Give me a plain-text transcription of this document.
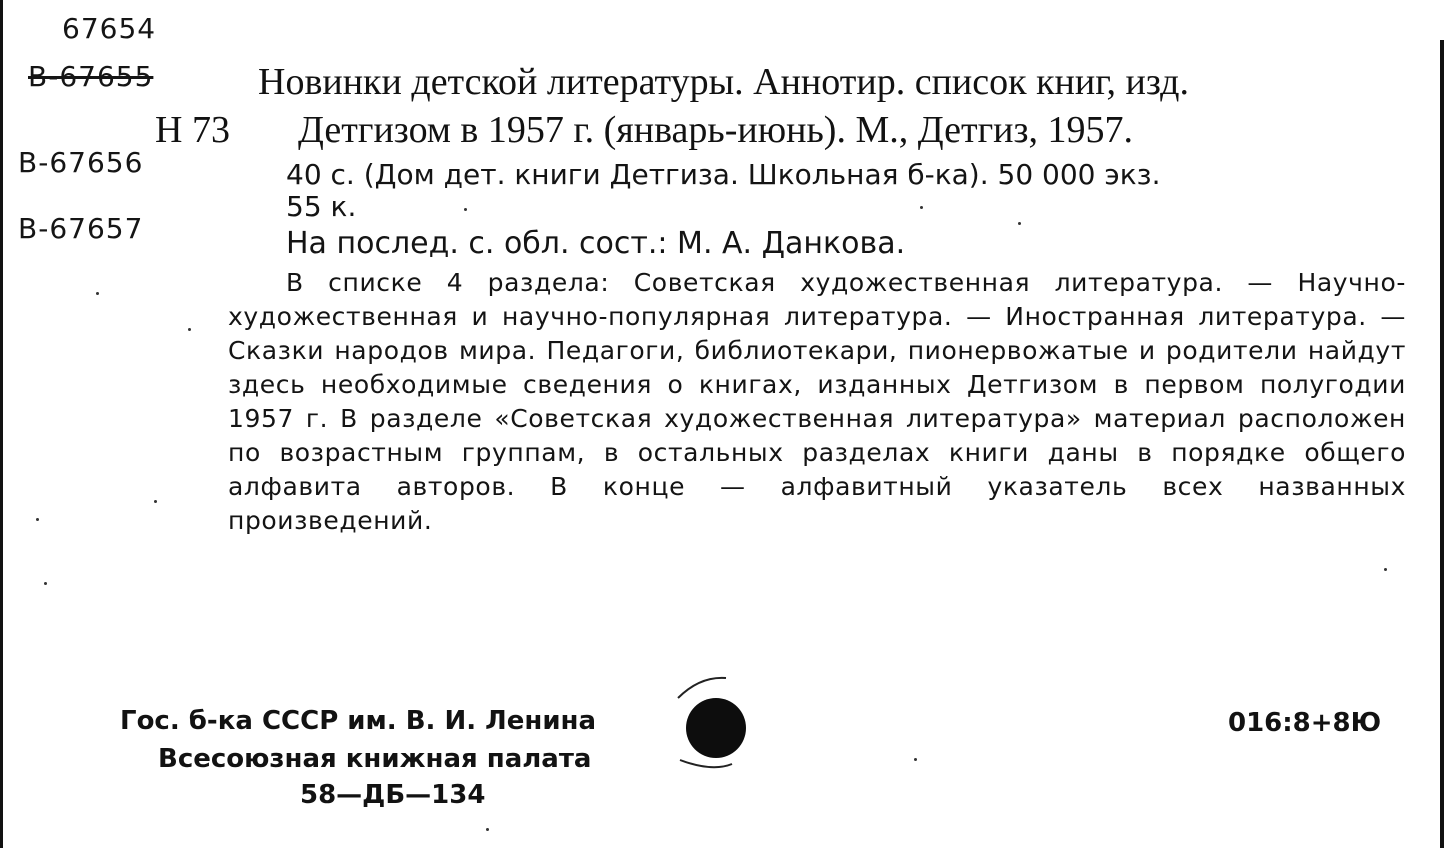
67654
B-67655
B-67656
B-67657
Н 73
Новинки детской литературы. Аннотир. список книг, изд.
Детгизом в 1957 г. (январь-июнь). М., Детгиз, 1957.
40 с. (Дом дет. книги Детгиза. Школьная б-ка). 50 000 экз.
55 к.
На послед. с. обл. сост.: М. А. Данкова.
В списке 4 раздела: Советская художественная литература. — Научно-художественная и научно-популярная литература. — Иностранная литература. — Сказки народов мира. Педагоги, библиотекари, пионервожатые и родители найдут здесь необходимые сведения о книгах, изданных Детгизом в первом полугодии 1957 г. В разделе «Советская художественная литература» материал расположен по возрастным группам, в остальных разделах книги даны в порядке общего алфавита авторов. В конце — алфавитный указатель всех названных произведений.
Гос. б-ка СССР им. В. И. Ленина
Всесоюзная книжная палата
58—ДБ—134
016:8+8Ю
